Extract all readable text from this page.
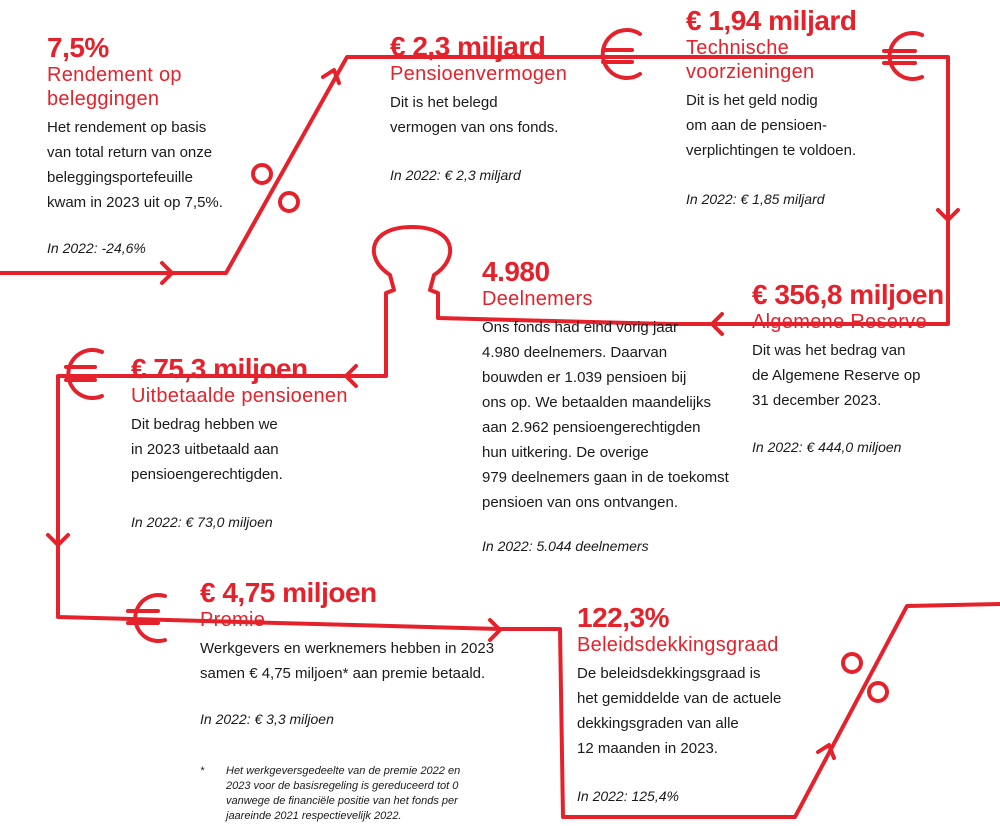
7,5%
Rendement op
beleggingen
Het rendement op basis
van total return van onze
beleggingsportefeuille
kwam in 2023 uit op 7,5%.
In 2022: -24,6%
€ 2,3 miljard
Pensioenvermogen
Dit is het belegd
vermogen van ons fonds.
In 2022: € 2,3 miljard
€ 1,94 miljard
Technische
voorzieningen
Dit is het geld nodig
om aan de pensioen-
verplichtingen te voldoen.
In 2022: € 1,85 miljard
€ 356,8 miljoen
Algemene Reserve
Dit was het bedrag van
de Algemene Reserve op
31 december 2023.
In 2022: € 444,0 miljoen
4.980
Deelnemers
Ons fonds had eind vorig jaar
4.980 deelnemers. Daarvan
bouwden er 1.039 pensioen bij
ons op. We betaalden maandelijks
aan 2.962 pensioengerechtigden
hun uitkering. De overige
979 deelnemers gaan in de toekomst
pensioen van ons ontvangen.
In 2022: 5.044 deelnemers
€ 75,3 miljoen
Uitbetaalde pensioenen
Dit bedrag hebben we
in 2023 uitbetaald aan
pensioengerechtigden.
In 2022: € 73,0 miljoen
€ 4,75 miljoen
Premie
Werkgevers en werknemers hebben in 2023
samen € 4,75 miljoen* aan premie betaald.
In 2022: € 3,3 miljoen
122,3%
Beleidsdekkingsgraad
De beleidsdekkingsgraad is
het gemiddelde van de actuele
dekkingsgraden van alle
12 maanden in 2023.
In 2022: 125,4%
* Het werkgeversgedeelte van de premie 2022 en
2023 voor de basisregeling is gereduceerd tot 0
vanwege de financiële positie van het fonds per
jaareinde 2021 respectievelijk 2022.
